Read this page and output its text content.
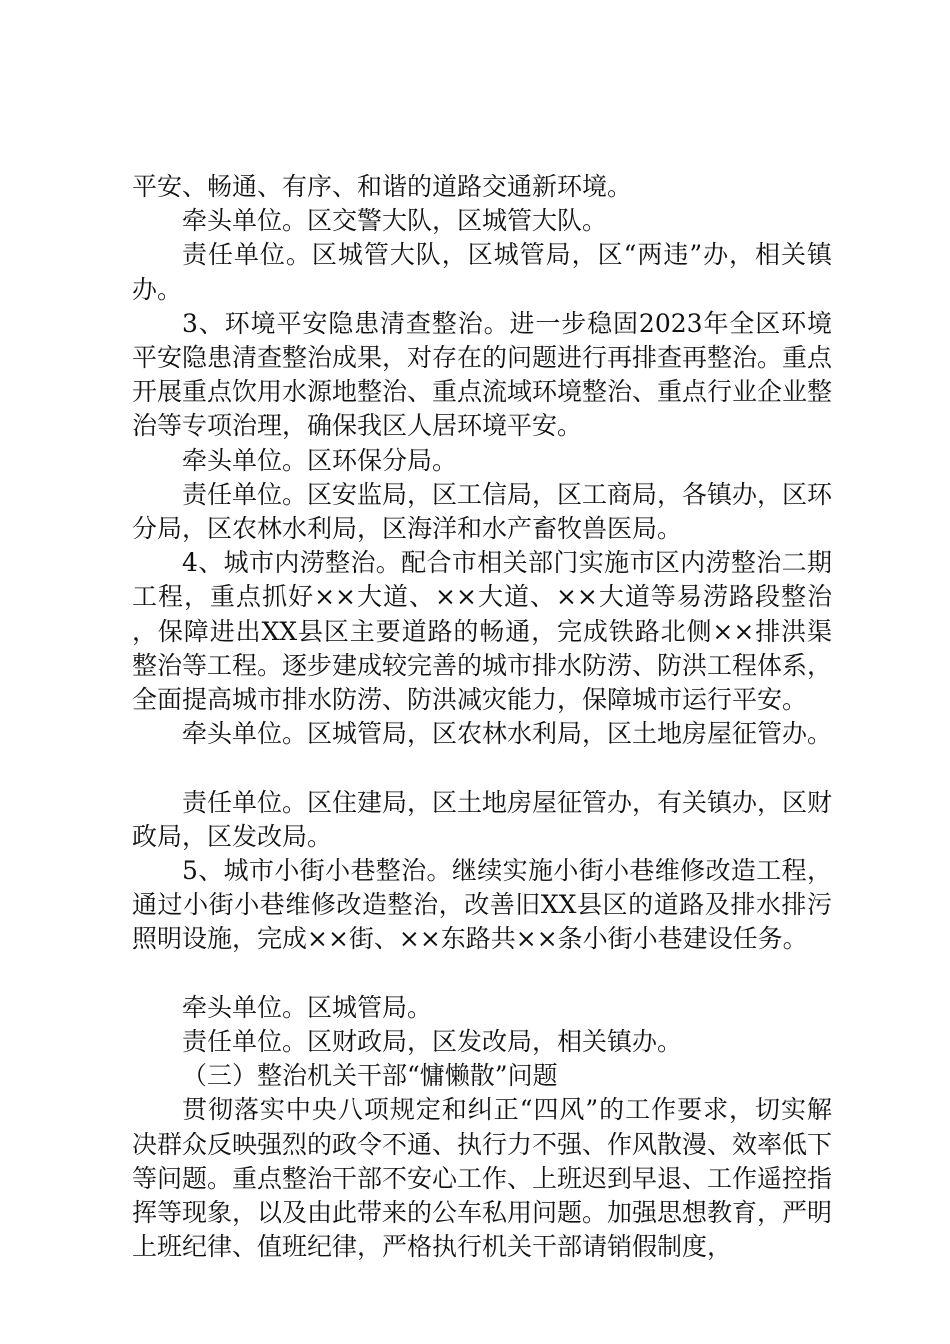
平安、畅通、有序、和谐的道路交通新环境。

牵头单位。区交警大队，区城管大队。

责任单位。区城管大队，区城管局，区“两违”办，相关镇办。

3、环境平安隐患清查整治。进一步稳固2023年全区环境平安隐患清查整治成果，对存在的问题进行再排查再整治。重点开展重点饮用水源地整治、重点流域环境整治、重点行业企业整治等专项治理，确保我区人居环境平安。

牵头单位。区环保分局。

责任单位。区安监局，区工信局，区工商局，各镇办，区环分局，区农林水利局，区海洋和水产畜牧兽医局。

4、城市内涝整治。配合市相关部门实施市区内涝整治二期工程，重点抓好××大道、××大道、××大道等易涝路段整治，保障进出XX县区主要道路的畅通，完成铁路北侧××排洪渠整治等工程。逐步建成较完善的城市排水防涝、防洪工程体系，全面提高城市排水防涝、防洪减灾能力，保障城市运行平安。

牵头单位。区城管局，区农林水利局，区土地房屋征管办。

责任单位。区住建局，区土地房屋征管办，有关镇办，区财政局，区发改局。

5、城市小街小巷整治。继续实施小街小巷维修改造工程，通过小街小巷维修改造整治，改善旧XX县区的道路及排水排污照明设施，完成××街、××东路共××条小街小巷建设任务。

牵头单位。区城管局。

责任单位。区财政局，区发改局，相关镇办。

（三）整治机关干部“慵懒散”问题

贯彻落实中央八项规定和纠正“四风”的工作要求，切实解决群众反映强烈的政令不通、执行力不强、作风散漫、效率低下等问题。重点整治干部不安心工作、上班迟到早退、工作遥控指挥等现象，以及由此带来的公车私用问题。加强思想教育，严明上班纪律、值班纪律，严格执行机关干部请销假制度，
